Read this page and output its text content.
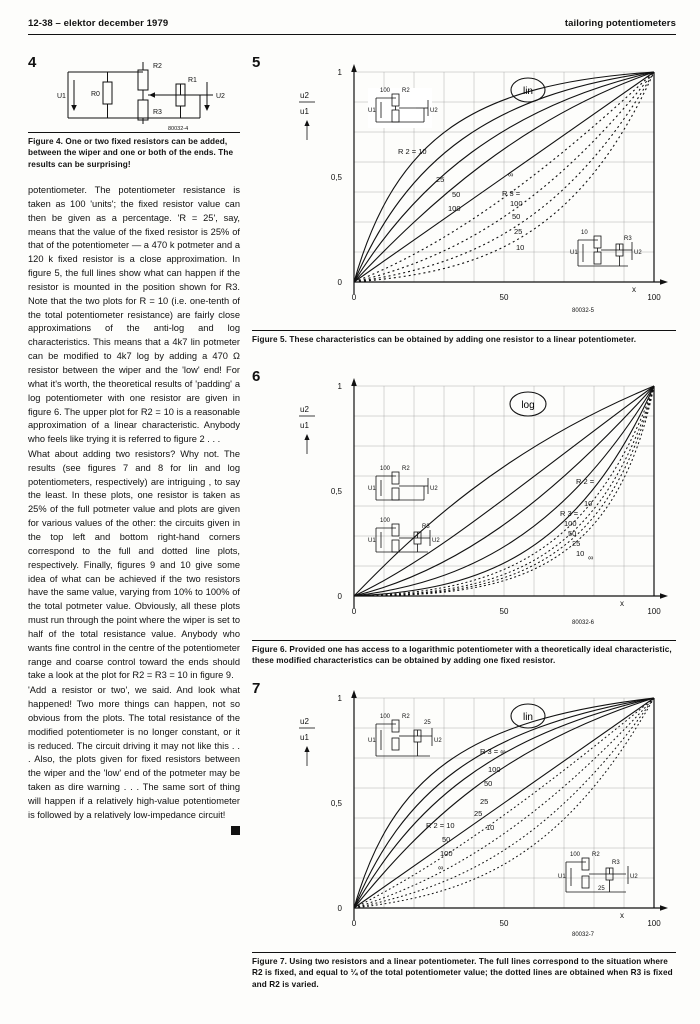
12-38 – elektor december 1979	tailoring potentiometers
4
U1	R0
R2
R3
R1
U2
80032-4
Figure 4. One or two fixed resistors can be added, between the wiper and one or both of the ends. The results can be surprising!

potentiometer. The potentiometer resistance is taken as 100 'units'; the fixed resistor value can then be given as a percentage. 'R = 25', say, means that the value of the fixed resistor is 25% of that of the potentiometer — a 470 k potmeter and a 120 k fixed resistor is a close approximation. In figure 5, the full lines show what can happen if the resistor is mounted in the position shown for R3. Note that the two plots for R = 10 (i.e. one-tenth of the total potentiometer resistance) are fairly close approximations of the anti-log and log characteristics. This means that a 4k7 lin potmeter can be modified to 4k7 log by adding a 470 Ω resistor between the wiper and the 'low' end! For what it's worth, the theoretical results of 'padding' a log potentiometer with one resistor are given in figure 6. The upper plot for R2 = 10 is a reasonable approximation of a linear characteristic. Anybody who feels like trying it is referred to figure 2 . . .

What about adding two resistors? Why not. The results (see figures 7 and 8 for lin and log potentiometers, respectively) are intriguing , to say the least. In these plots, one resistor is taken as 25% of the full potmeter value and plots are given for various values of the other: the circuits given in the top left and bottom right-hand corners correspond to the full and dotted line plots, respectively. Finally, figures 9 and 10 give some idea of what can be achieved if the two resistors have the same value, varying from 10% to 100% of the total potmeter value. Obviously, all these plots must run through the point where the wiper is set to half of the total resistance value. Anybody who wants fine control in the centre of the potentiometer range and coarse control toward the ends should take a look at the plot for R2 = R3 = 10 in figure 9.

'Add a resistor or two', we said. And look what happened! Two more things can happen, not so obvious from the plots. The total resistance of the modified potentiometer is no longer constant, or it is reduced. The circuit driving it may not like this . . . Also, the plots given for fixed resistors between the wiper and the 'low' end of the potmeter may be taken as dire warning . . . The same sort of thing will happen if a relatively high-value potentiometer is followed by a relatively low-impedance circuit!

5
lin
100 R2
U1	U2
10
U1
R3
U2
R 2 = 10
25
50
100
∞
R 3 =
100
50
25
10
1
0,5
0
0	50	100
x
u2
u1
80032-5
Figure 5. These characteristics can be obtained by adding one resistor to a linear potentiometer.
6
log
100 R2
U1	U2
100
U1
R3
U2
R 2 =
10
∞
R 3 =
100
50
25
10
1
0,5
0
0	50	100
x
u2
u1
80032-6
Figure 6. Provided one has access to a logarithmic potentiometer with a theoretically ideal characteristic, these modified characteristics can be obtained by adding one fixed resistor.
7
lin
100 R2
25
U1	U2
100
U1
R2
R3
25
U2
R 3 = ∞
100
50
25
25
10
R 2 = 10
50
100
∞
1
0,5
0
0	50	100
x
u2
u1
80032-7
Figure 7. Using two resistors and a linear potentiometer. The full lines correspond to the situation where R2 is fixed, and equal to ¼ of the total potentiometer value; the dotted lines are obtained when R3 is fixed and R2 is varied.
